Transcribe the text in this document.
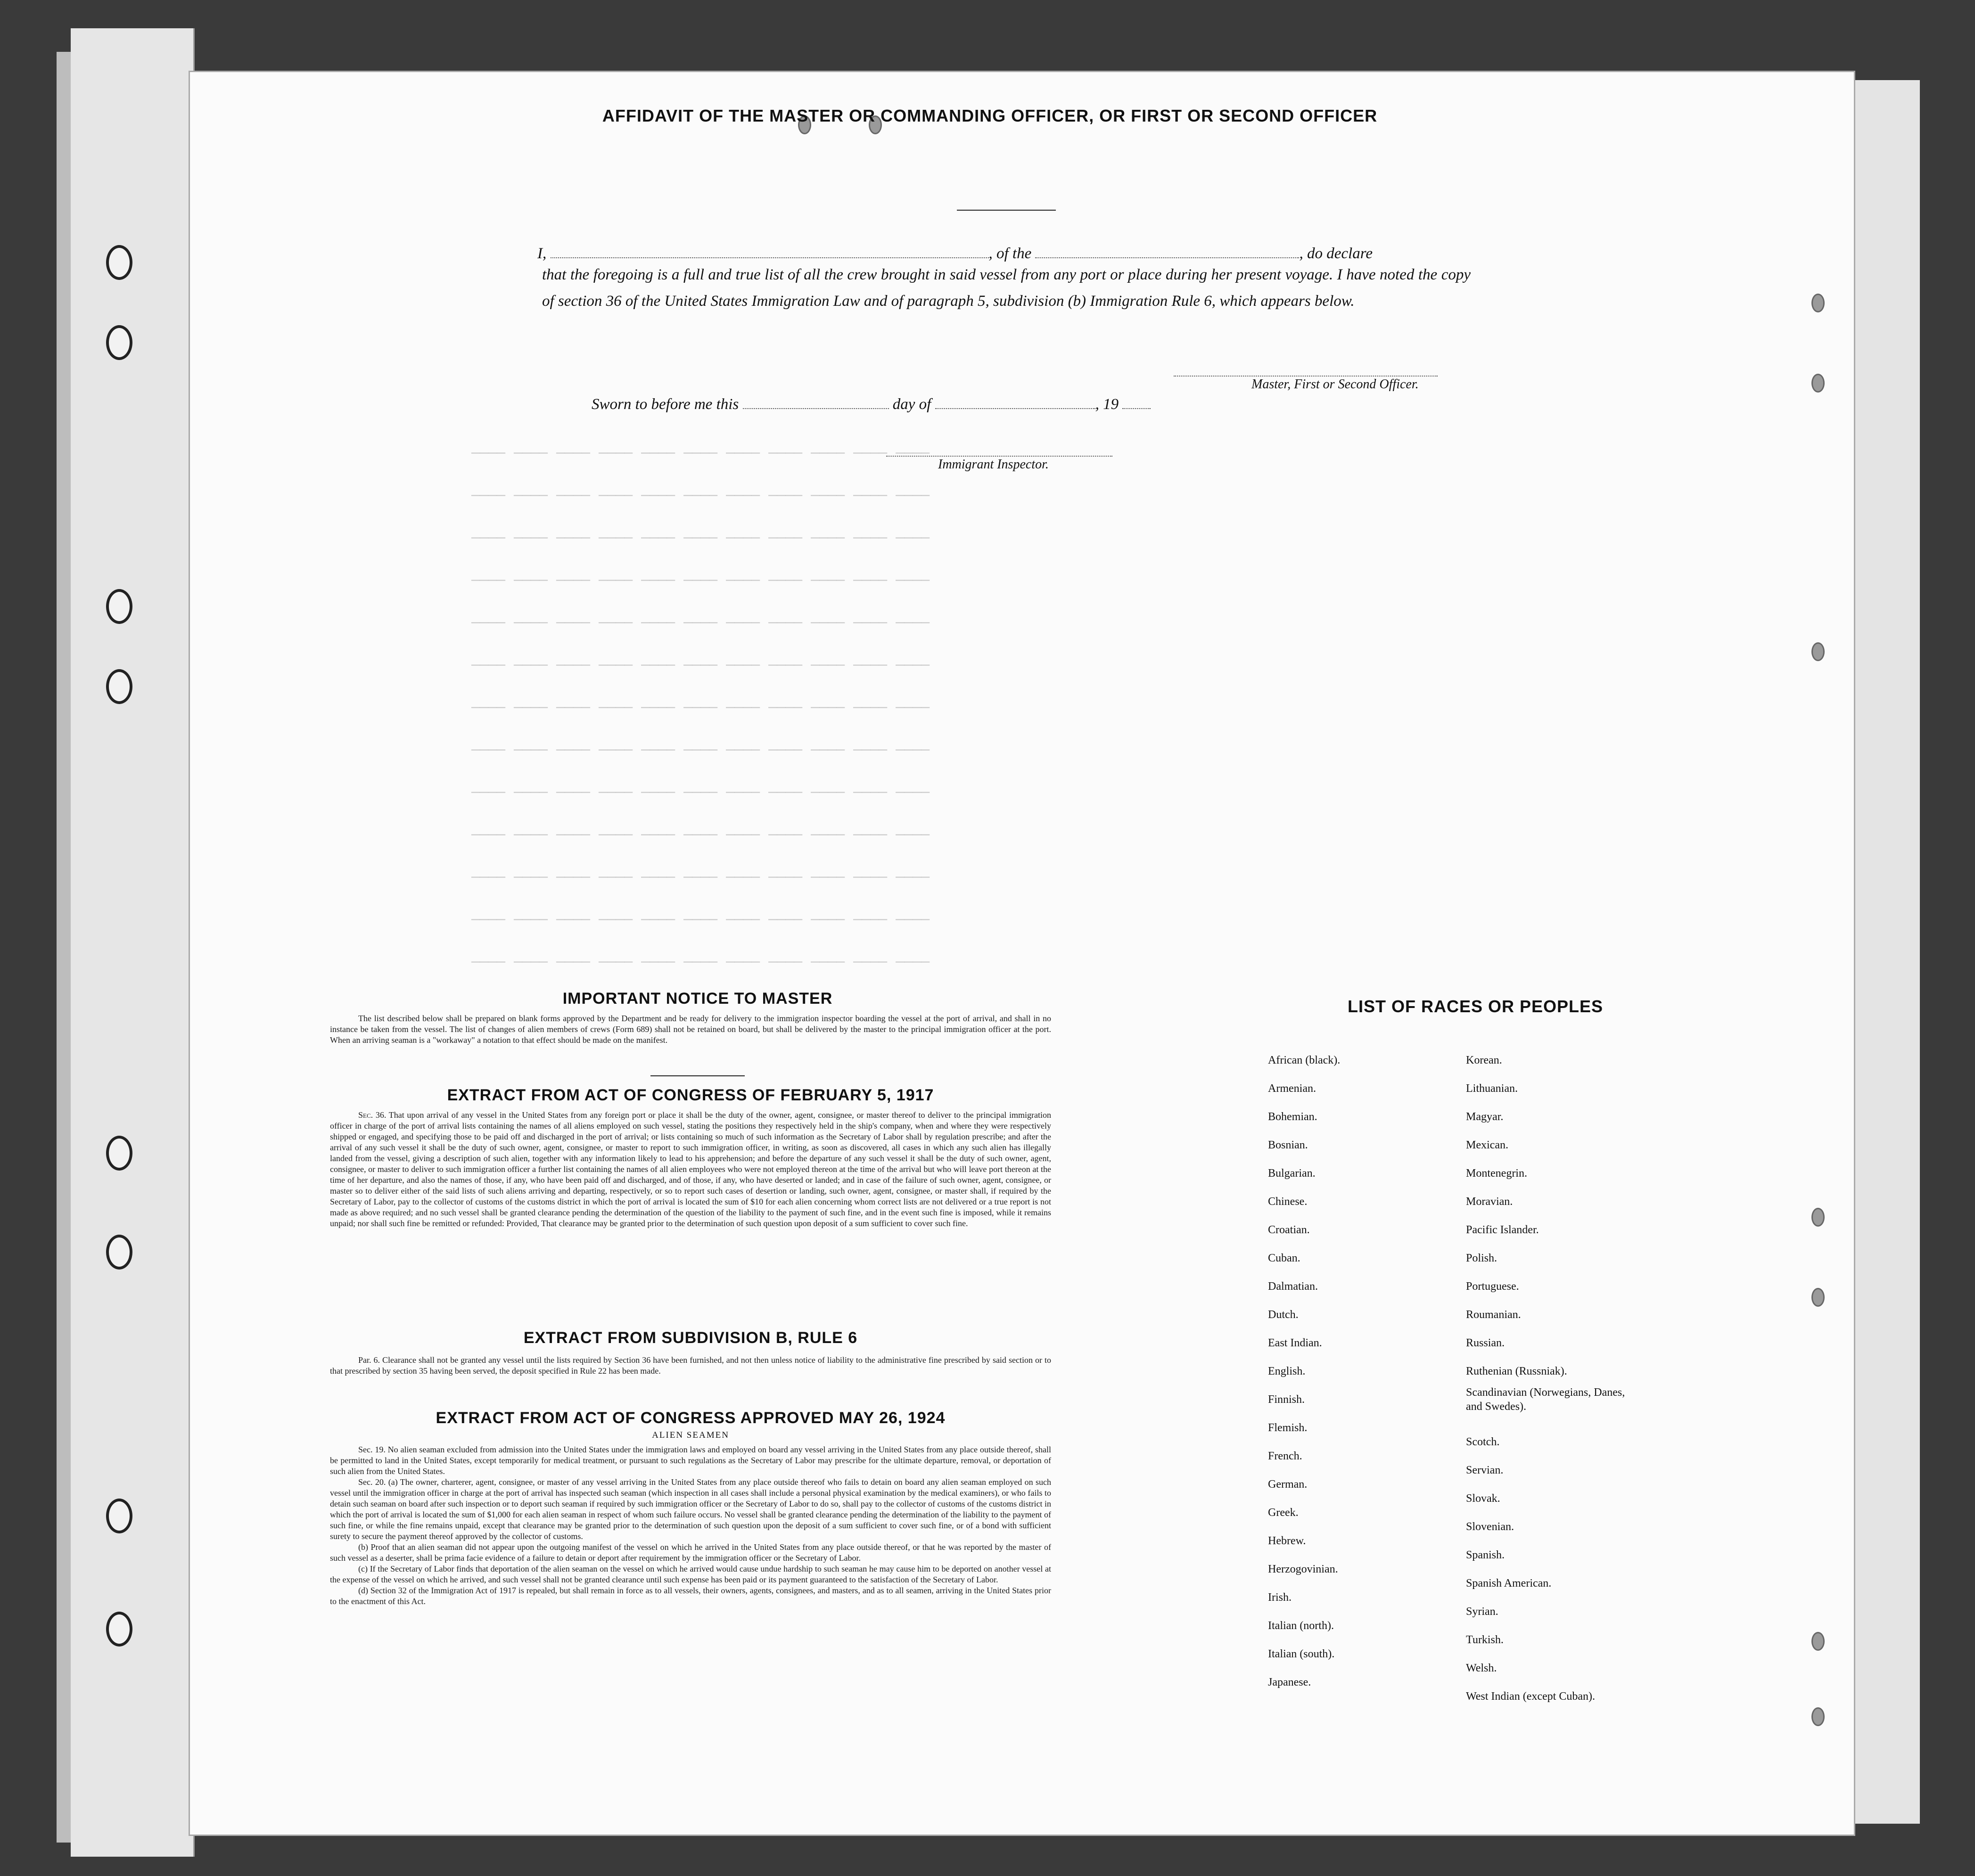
———— ———— ———— ———— ———— ———— ———— ———— ———— ———— ————
———— ———— ———— ———— ———— ———— ———— ———— ———— ———— ————
———— ———— ———— ———— ———— ———— ———— ———— ———— ———— ————
———— ———— ———— ———— ———— ———— ———— ———— ———— ———— ————
———— ———— ———— ———— ———— ———— ———— ———— ———— ———— ————
———— ———— ———— ———— ———— ———— ———— ———— ———— ———— ————
———— ———— ———— ———— ———— ———— ———— ———— ———— ———— ————
———— ———— ———— ———— ———— ———— ———— ———— ———— ———— ————
———— ———— ———— ———— ———— ———— ———— ———— ———— ———— ————
———— ———— ———— ———— ———— ———— ———— ———— ———— ———— ————
———— ———— ———— ———— ———— ———— ———— ———— ———— ———— ————
———— ———— ———— ———— ———— ———— ———— ———— ———— ———— ————
———— ———— ———— ———— ———— ———— ———— ———— ———— ———— ————
AFFIDAVIT OF THE MASTER OR COMMANDING OFFICER, OR FIRST OR SECOND OFFICER
I,	, of the	, do declare
that the foregoing is a full and true list of all the crew brought in said vessel from any port or place during her present voyage. I have noted the copy of section 36 of the United States Immigration Law and of paragraph 5, subdivision (b) Immigration Rule 6, which appears below.
Master, First or Second Officer.
Sworn to before me this	day of	, 19
Immigrant Inspector.
IMPORTANT NOTICE TO MASTER
The list described below shall be prepared on blank forms approved by the Department and be ready for delivery to the immigration inspector boarding the vessel at the port of arrival, and shall in no instance be taken from the vessel. The list of changes of alien members of crews (Form 689) shall not be retained on board, but shall be delivered by the master to the principal immigration officer at the port. When an arriving seaman is a "workaway" a notation to that effect should be made on the manifest.
EXTRACT FROM ACT OF CONGRESS OF FEBRUARY 5, 1917
Sec. 36. That upon arrival of any vessel in the United States from any foreign port or place it shall be the duty of the owner, agent, consignee, or master thereof to deliver to the principal immigration officer in charge of the port of arrival lists containing the names of all aliens employed on such vessel, stating the positions they respectively held in the ship's company, when and where they were respectively shipped or engaged, and specifying those to be paid off and discharged in the port of arrival; or lists containing so much of such information as the Secretary of Labor shall by regulation prescribe; and after the arrival of any such vessel it shall be the duty of such owner, agent, consignee, or master to report to such immigration officer, in writing, as soon as discovered, all cases in which any such alien has illegally landed from the vessel, giving a description of such alien, together with any information likely to lead to his apprehension; and before the departure of any such vessel it shall be the duty of such owner, agent, consignee, or master to deliver to such immigration officer a further list containing the names of all alien employees who were not employed thereon at the time of the arrival but who will leave port thereon at the time of her departure, and also the names of those, if any, who have been paid off and discharged, and of those, if any, who have deserted or landed; and in case of the failure of such owner, agent, consignee, or master so to deliver either of the said lists of such aliens arriving and departing, respectively, or so to report such cases of desertion or landing, such owner, agent, consignee, or master shall, if required by the Secretary of Labor, pay to the collector of customs of the customs district in which the port of arrival is located the sum of $10 for each alien concerning whom correct lists are not delivered or a true report is not made as above required; and no such vessel shall be granted clearance pending the determination of the question of the liability to the payment of such fine, and in the event such fine is imposed, while it remains unpaid; nor shall such fine be remitted or refunded: Provided, That clearance may be granted prior to the determination of such question upon deposit of a sum sufficient to cover such fine.
EXTRACT FROM SUBDIVISION B, RULE 6
Par. 6. Clearance shall not be granted any vessel until the lists required by Section 36 have been furnished, and not then unless notice of liability to the administrative fine prescribed by said section or to that prescribed by section 35 having been served, the deposit specified in Rule 22 has been made.
EXTRACT FROM ACT OF CONGRESS APPROVED MAY 26, 1924
ALIEN SEAMEN
Sec. 19. No alien seaman excluded from admission into the United States under the immigration laws and employed on board any vessel arriving in the United States from any place outside thereof, shall be permitted to land in the United States, except temporarily for medical treatment, or pursuant to such regulations as the Secretary of Labor may prescribe for the ultimate departure, removal, or deportation of such alien from the United States.
Sec. 20. (a) The owner, charterer, agent, consignee, or master of any vessel arriving in the United States from any place outside thereof who fails to detain on board any alien seaman employed on such vessel until the immigration officer in charge at the port of arrival has inspected such seaman (which inspection in all cases shall include a personal physical examination by the medical examiners), or who fails to detain such seaman on board after such inspection or to deport such seaman if required by such immigration officer or the Secretary of Labor to do so, shall pay to the collector of customs of the customs district in which the port of arrival is located the sum of $1,000 for each alien seaman in respect of whom such failure occurs. No vessel shall be granted clearance pending the determination of the liability to the payment of such fine, or while the fine remains unpaid, except that clearance may be granted prior to the determination of such question upon the deposit of a sum sufficient to cover such fine, or of a bond with sufficient surety to secure the payment thereof approved by the collector of customs.
(b) Proof that an alien seaman did not appear upon the outgoing manifest of the vessel on which he arrived in the United States from any place outside thereof, or that he was reported by the master of such vessel as a deserter, shall be prima facie evidence of a failure to detain or deport after requirement by the immigration officer or the Secretary of Labor.
(c) If the Secretary of Labor finds that deportation of the alien seaman on the vessel on which he arrived would cause undue hardship to such seaman he may cause him to be deported on another vessel at the expense of the vessel on which he arrived, and such vessel shall not be granted clearance until such expense has been paid or its payment guaranteed to the satisfaction of the Secretary of Labor.
(d) Section 32 of the Immigration Act of 1917 is repealed, but shall remain in force as to all vessels, their owners, agents, consignees, and masters, and as to all seamen, arriving in the United States prior to the enactment of this Act.
LIST OF RACES OR PEOPLES
African (black).
Armenian.
Bohemian.
Bosnian.
Bulgarian.
Chinese.
Croatian.
Cuban.
Dalmatian.
Dutch.
East Indian.
English.
Finnish.
Flemish.
French.
German.
Greek.
Hebrew.
Herzogovinian.
Irish.
Italian (north).
Italian (south).
Japanese.
Korean.
Lithuanian.
Magyar.
Mexican.
Montenegrin.
Moravian.
Pacific Islander.
Polish.
Portuguese.
Roumanian.
Russian.
Ruthenian (Russniak).
Scandinavian (Norwegians, Danes, and Swedes).
Scotch.
Servian.
Slovak.
Slovenian.
Spanish.
Spanish American.
Syrian.
Turkish.
Welsh.
West Indian (except Cuban).
